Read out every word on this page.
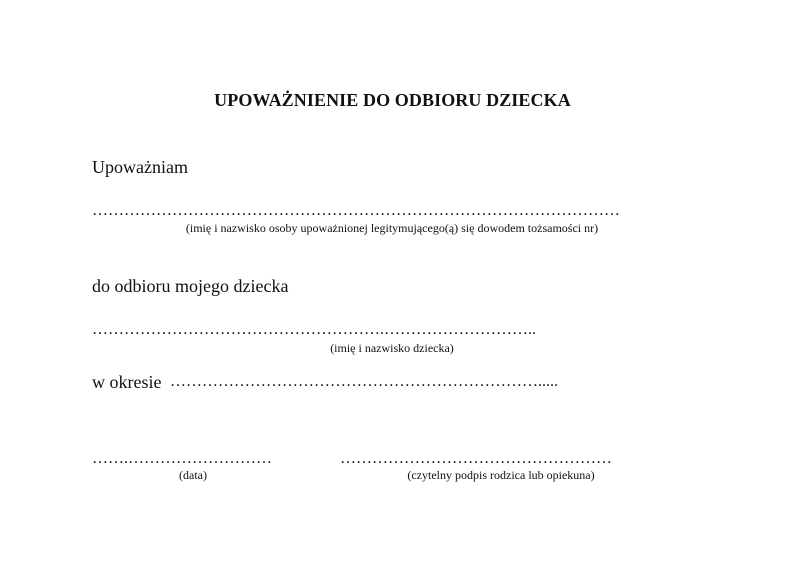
UPOWAŻNIENIE DO ODBIORU DZIECKA
Upoważniam
………………………………………………………………………………………
(imię i nazwisko osoby upoważnionej legitymującego(ą) się dowodem tożsamości nr)
do odbioru mojego dziecka
……………………………………………….………………………..
(imię i nazwisko dziecka)
w okresie …………………………………………………………….....
…….………………………
(data)
……………………………………………
(czytelny podpis rodzica lub opiekuna)
